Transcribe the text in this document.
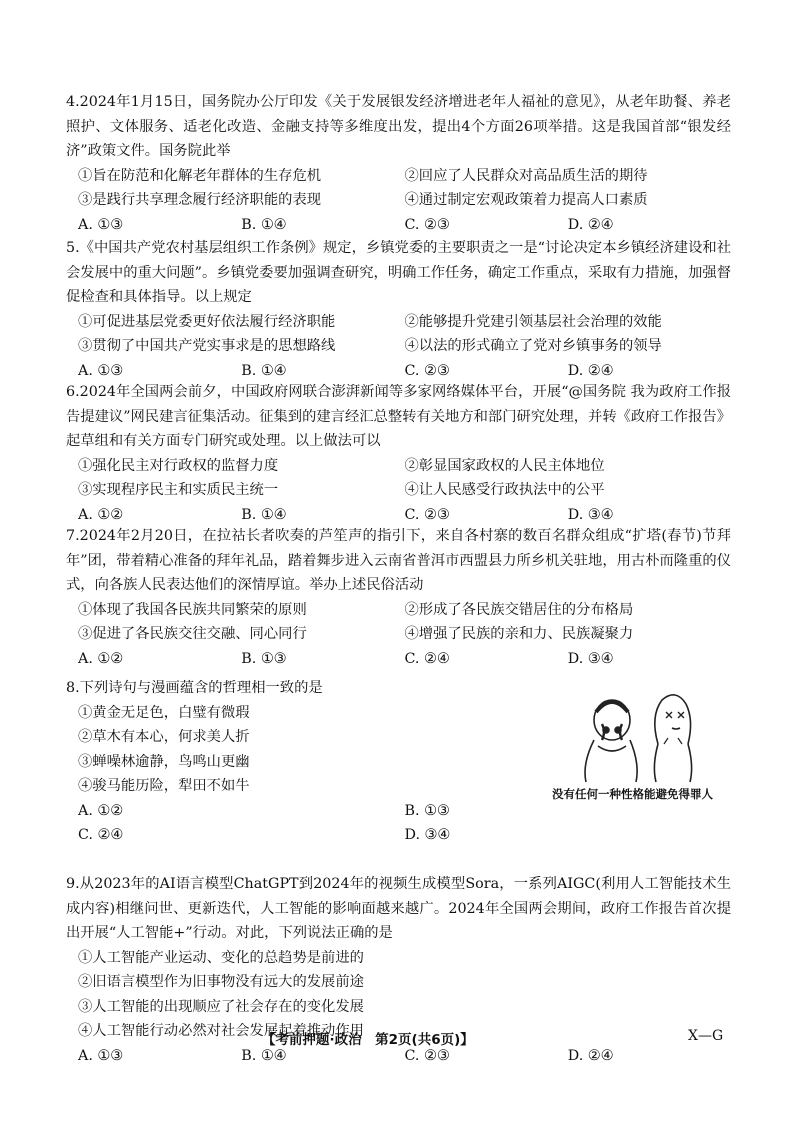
4.2024年1月15日，国务院办公厅印发《关于发展银发经济增进老年人福祉的意见》，从老年助餐、养老照护、文体服务、适老化改造、金融支持等多维度出发，提出4个方面26项举措。这是我国首部“银发经济”政策文件。国务院此举

①旨在防范和化解老年群体的生存危机	②回应了人民群众对高品质生活的期待
③是践行共享理念履行经济职能的表现	④通过制定宏观政策着力提高人口素质
A. ①③	B. ①④	C. ②③	D. ②④

5.《中国共产党农村基层组织工作条例》规定，乡镇党委的主要职责之一是“讨论决定本乡镇经济建设和社会发展中的重大问题”。乡镇党委要加强调查研究，明确工作任务，确定工作重点，采取有力措施，加强督促检查和具体指导。以上规定

①可促进基层党委更好依法履行经济职能	②能够提升党建引领基层社会治理的效能
③贯彻了中国共产党实事求是的思想路线	④以法的形式确立了党对乡镇事务的领导
A. ①③	B. ①④	C. ②③	D. ②④

6.2024年全国两会前夕，中国政府网联合澎湃新闻等多家网络媒体平台，开展“@国务院 我为政府工作报告提建议”网民建言征集活动。征集到的建言经汇总整转有关地方和部门研究处理，并转《政府工作报告》起草组和有关方面专门研究或处理。以上做法可以

①强化民主对行政权的监督力度	②彰显国家政权的人民主体地位
③实现程序民主和实质民主统一	④让人民感受行政执法中的公平
A. ①②	B. ①④	C. ②③	D. ③④

7.2024年2月20日，在拉祜长者吹奏的芦笙声的指引下，来自各村寨的数百名群众组成“扩塔(春节)节拜年”团，带着精心准备的拜年礼品，踏着舞步进入云南省普洱市西盟县力所乡机关驻地，用古朴而隆重的仪式，向各族人民表达他们的深情厚谊。举办上述民俗活动

①体现了我国各民族共同繁荣的原则	②形成了各民族交错居住的分布格局
③促进了各民族交往交融、同心同行	④增强了民族的亲和力、民族凝聚力
A. ①②	B. ①③	C. ②④	D. ③④

8.下列诗句与漫画蕴含的哲理相一致的是

①黄金无足色，白璧有微瑕
②草木有本心，何求美人折
③蝉噪林逾静，鸟鸣山更幽
④骏马能历险，犁田不如牛
A. ①②	B. ①③
C. ②④	D. ③④
没有任何一种性格能避免得罪人

9.从2023年的AI语言模型ChatGPT到2024年的视频生成模型Sora，一系列AIGC(利用人工智能技术生成内容)相继问世、更新迭代，人工智能的影响面越来越广。2024年全国两会期间，政府工作报告首次提出开展“人工智能+”行动。对此，下列说法正确的是

①人工智能产业运动、变化的总趋势是前进的
②旧语言模型作为旧事物没有远大的发展前途
③人工智能的出现顺应了社会存在的变化发展
④人工智能行动必然对社会发展起着推动作用
A. ①③	B. ①④	C. ②③	D. ②④
【考前押题·政治　第2页(共6页)】	X—G
